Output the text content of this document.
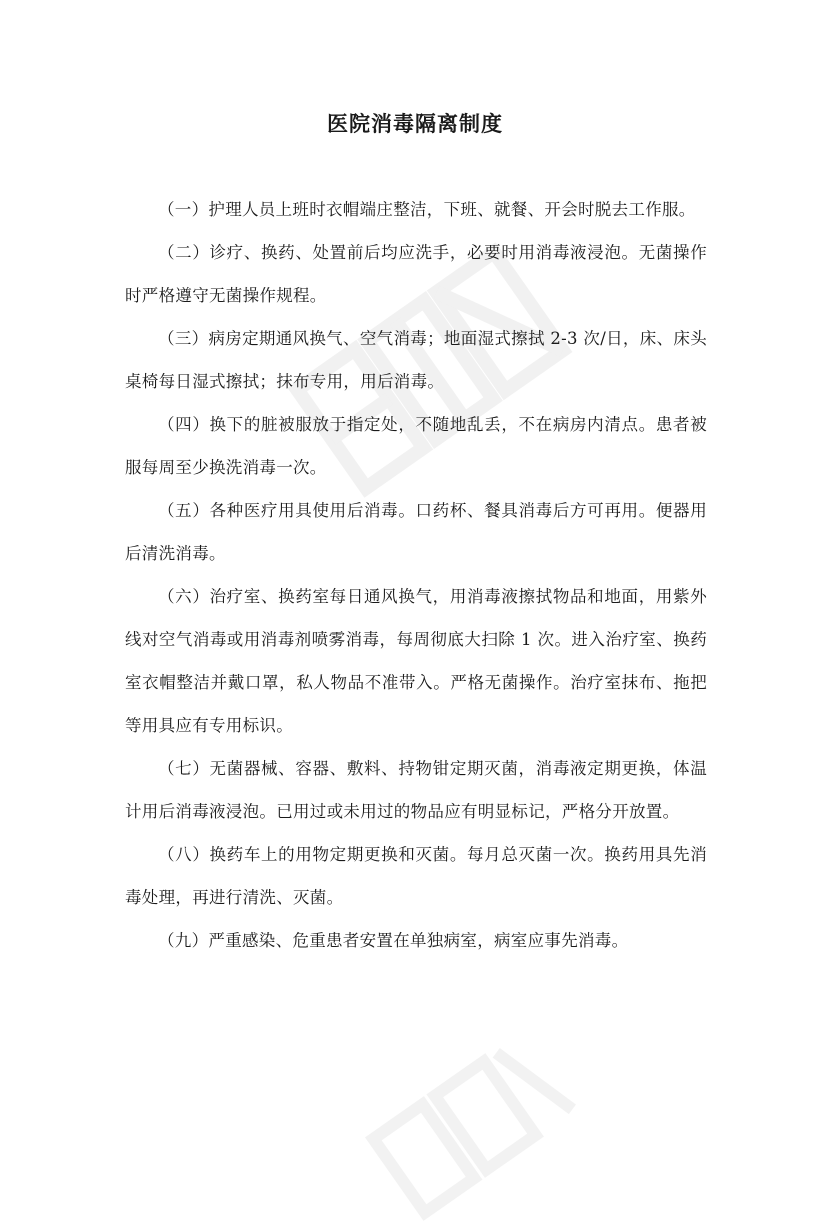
医院消毒隔离制度

（一）护理人员上班时衣帽端庄整洁，下班、就餐、开会时脱去工作服。

（二）诊疗、换药、处置前后均应洗手，必要时用消毒液浸泡。无菌操作时严格遵守无菌操作规程。

（三）病房定期通风换气、空气消毒；地面湿式擦拭 2-3 次/日，床、床头桌椅每日湿式擦拭；抹布专用，用后消毒。

（四）换下的脏被服放于指定处，不随地乱丢，不在病房内清点。患者被服每周至少换洗消毒一次。

（五）各种医疗用具使用后消毒。口药杯、餐具消毒后方可再用。便器用后清洗消毒。

（六）治疗室、换药室每日通风换气，用消毒液擦拭物品和地面，用紫外线对空气消毒或用消毒剂喷雾消毒，每周彻底大扫除 1 次。进入治疗室、换药室衣帽整洁并戴口罩，私人物品不准带入。严格无菌操作。治疗室抹布、拖把等用具应有专用标识。

（七）无菌器械、容器、敷料、持物钳定期灭菌，消毒液定期更换，体温计用后消毒液浸泡。已用过或未用过的物品应有明显标记，严格分开放置。

（八）换药车上的用物定期更换和灭菌。每月总灭菌一次。换药用具先消毒处理，再进行清洗、灭菌。

（九）严重感染、危重患者安置在单独病室，病室应事先消毒。
